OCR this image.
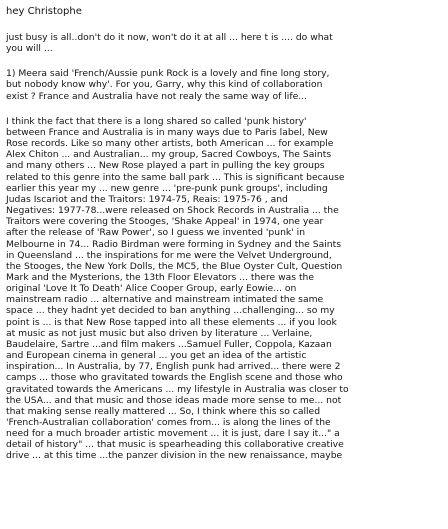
hey Christophe

just busy is all..don't do it now, won't do it at all ... here t is .... do what
you will ...

1) Meera said 'French/Aussie punk Rock is a lovely and fine long story,
but nobody know why'. For you, Garry, why this kind of collaboration
exist ? France and Australia have not realy the same way of life...

I think the fact that there is a long shared so called 'punk history'
between France and Australia is in many ways due to Paris label, New
Rose records. Like so many other artists, both American ... for example
Alex Chiton ... and Australian... my group, Sacred Cowboys, The Saints
and many others ... New Rose played a part in pulling the key groups
related to this genre into the same ball park ... This is significant because
earlier this year my ... new genre ... 'pre-punk punk groups', including
Judas Iscariot and the Traitors: 1974-75, Reais: 1975-76 , and
Negatives: 1977-78...were released on Shock Records in Australia ... the
Traitors were covering the Stooges, 'Shake Appeal' in 1974, one year
after the release of 'Raw Power', so I guess we invented 'punk' in
Melbourne in 74... Radio Birdman were forming in Sydney and the Saints
in Queensland ... the inspirations for me were the Velvet Underground,
the Stooges, the New York Dolls, the MC5, the Blue Oyster Cult, Question
Mark and the Mysterions, the 13th Floor Elevators ... there was the
original 'Love It To Death' Alice Cooper Group, early Eowie... on
mainstream radio ... alternative and mainstream intimated the same
space ... they hadnt yet decided to ban anything ...challenging... so my
point is ... is that New Rose tapped into all these elements ... if you look
at music as not just music but also driven by literature ... Verlaine,
Baudelaire, Sartre ...and film makers ...Samuel Fuller, Coppola, Kazaan
and European cinema in general ... you get an idea of the artistic
inspiration... In Australia, by 77, English punk had arrived... there were 2
camps ... those who gravitated towards the English scene and those who
gravitated towards the Americans ... my lifestyle in Australia was closer to
the USA... and that music and those ideas made more sense to me... not
that making sense really mattered ... So, I think where this so called
'French-Australian collaboration' comes from... is along the lines of the
need for a much broader artistic movement ... it is just, dare I say it..." a
detail of history" ... that music is spearheading this collaborative creative
drive ... at this time ...the panzer division in the new renaissance, maybe
